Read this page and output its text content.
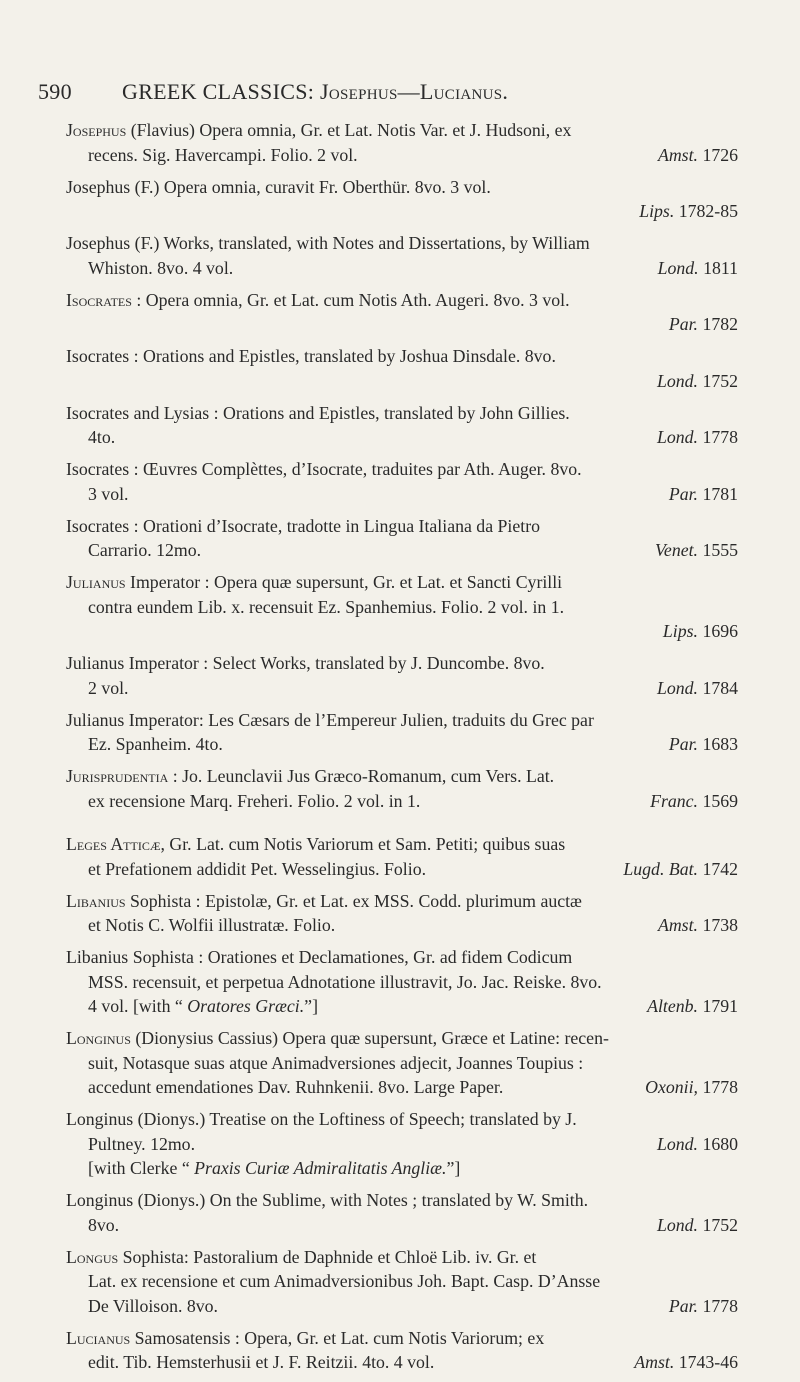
590 GREEK CLASSICS: Josephus—Lucianus.
Josephus (Flavius) Opera omnia, Gr. et Lat. Notis Var. et J. Hudsoni, ex
recens. Sig. Havercampi. Folio. 2 vol.	Amst. 1726
Josephus (F.) Opera omnia, curavit Fr. Oberthür. 8vo. 3 vol.
Lips. 1782-85
Josephus (F.) Works, translated, with Notes and Dissertations, by William
Whiston. 8vo. 4 vol.	Lond. 1811
Isocrates : Opera omnia, Gr. et Lat. cum Notis Ath. Augeri. 8vo. 3 vol.
Par. 1782
Isocrates : Orations and Epistles, translated by Joshua Dinsdale. 8vo.
Lond. 1752
Isocrates and Lysias : Orations and Epistles, translated by John Gillies.
4to.	Lond. 1778
Isocrates : Œuvres Complèttes, d’Isocrate, traduites par Ath. Auger. 8vo.
3 vol.	Par. 1781
Isocrates : Orationi d’Isocrate, tradotte in Lingua Italiana da Pietro
Carrario. 12mo.	Venet. 1555
Julianus Imperator : Opera quæ supersunt, Gr. et Lat. et Sancti Cyrilli
contra eundem Lib. x. recensuit Ez. Spanhemius. Folio. 2 vol. in 1.
Lips. 1696
Julianus Imperator : Select Works, translated by J. Duncombe. 8vo.
2 vol.	Lond. 1784
Julianus Imperator: Les Cæsars de l’Empereur Julien, traduits du Grec par
Ez. Spanheim. 4to.	Par. 1683
Jurisprudentia : Jo. Leunclavii Jus Græco-Romanum, cum Vers. Lat.
ex recensione Marq. Freheri. Folio. 2 vol. in 1.	Franc. 1569
Leges Atticæ, Gr. Lat. cum Notis Variorum et Sam. Petiti; quibus suas
et Prefationem addidit Pet. Wesselingius. Folio.	Lugd. Bat. 1742
Libanius Sophista : Epistolæ, Gr. et Lat. ex MSS. Codd. plurimum auctæ
et Notis C. Wolfii illustratæ. Folio.	Amst. 1738
Libanius Sophista : Orationes et Declamationes, Gr. ad fidem Codicum
MSS. recensuit, et perpetua Adnotatione illustravit, Jo. Jac. Reiske. 8vo.
4 vol. [with “ Oratores Græci.”]	Altenb. 1791
Longinus (Dionysius Cassius) Opera quæ supersunt, Græce et Latine: recen-
suit, Notasque suas atque Animadversiones adjecit, Joannes Toupius :
accedunt emendationes Dav. Ruhnkenii. 8vo. Large Paper.	Oxonii, 1778
Longinus (Dionys.) Treatise on the Loftiness of Speech; translated by J.
Pultney. 12mo.	Lond. 1680
[with Clerke “ Praxis Curiæ Admiralitatis Angliæ.”]
Longinus (Dionys.) On the Sublime, with Notes ; translated by W. Smith.
8vo.	Lond. 1752
Longus Sophista: Pastoralium de Daphnide et Chloë Lib. iv. Gr. et
Lat. ex recensione et cum Animadversionibus Joh. Bapt. Casp. D’Ansse
De Villoison. 8vo.	Par. 1778
Lucianus Samosatensis : Opera, Gr. et Lat. cum Notis Variorum; ex
edit. Tib. Hemsterhusii et J. F. Reitzii. 4to. 4 vol.	Amst. 1743-46
